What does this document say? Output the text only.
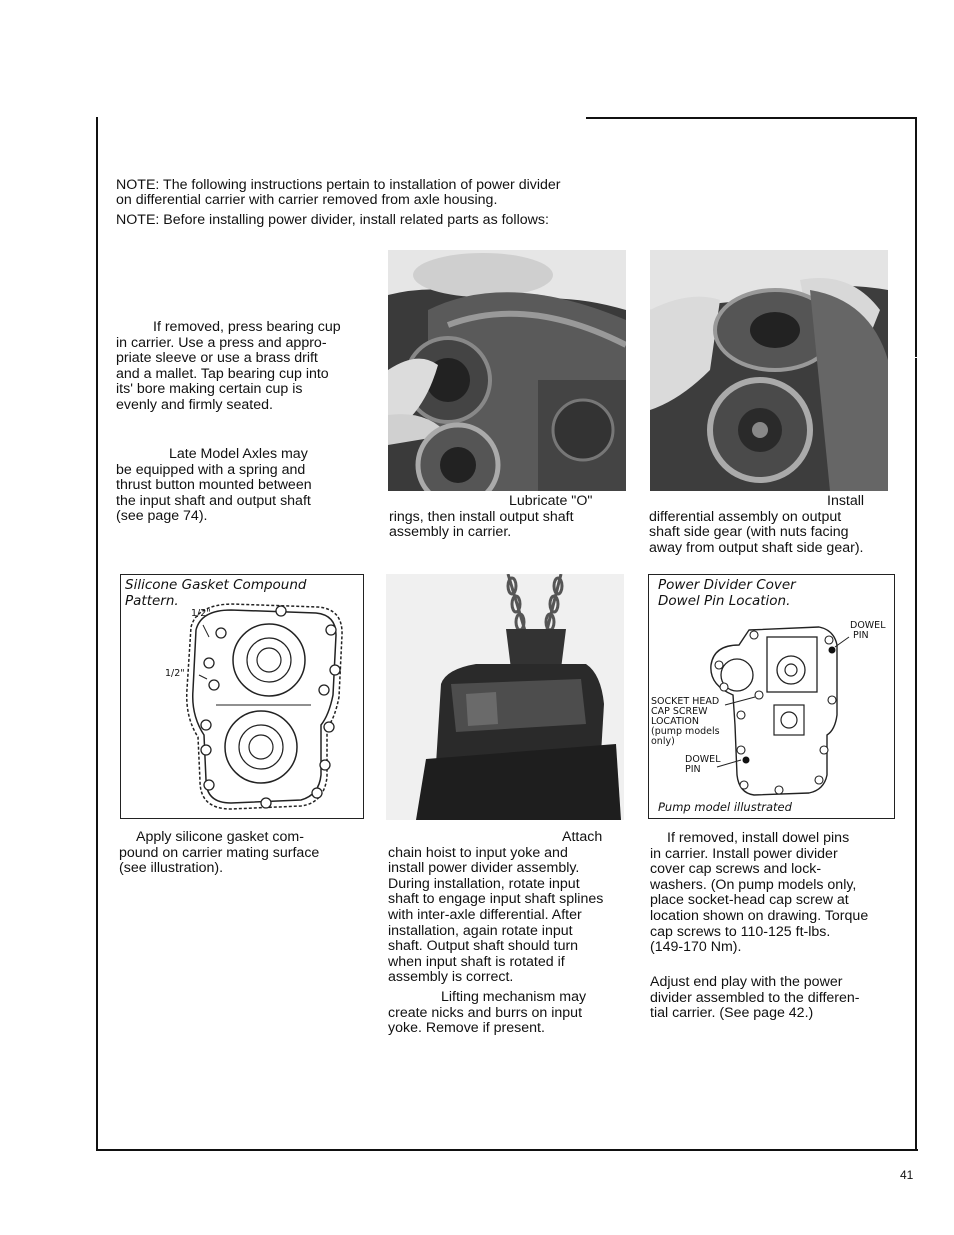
NOTE: The following instructions pertain to installation of power divider
on differential carrier with carrier removed from axle housing.
NOTE: Before installing power divider, install related parts as follows:
If removed, press bearing cup
in carrier. Use a press and appro-
priate sleeve or use a brass drift
and a mallet. Tap bearing cup into
its' bore making certain cup is
evenly and firmly seated.
Late Model Axles may
be equipped with a spring and
thrust button mounted between
the input shaft and output shaft
(see page 74).
Lubricate "O"
rings, then install output shaft
assembly in carrier.
Install
differential assembly on output
shaft side gear (with nuts facing
away from output shaft side gear).
Silicone Gasket Compound
Pattern.
1/2"
1/2"
Power Divider Cover
Dowel Pin Location.
DOWEL
PIN
SOCKET HEAD
CAP SCREW
LOCATION
(pump models
only)
DOWEL
PIN
Pump model illustrated
Apply silicone gasket com-
pound on carrier mating surface
(see illustration).
Attach
chain hoist to input yoke and
install power divider assembly.
During installation, rotate input
shaft to engage input shaft splines
with inter-axle differential. After
installation, again rotate input
shaft. Output shaft should turn
when input shaft is rotated if
assembly is correct.
Lifting mechanism may
create nicks and burrs on input
yoke. Remove if present.
If removed, install dowel pins
in carrier. Install power divider
cover cap screws and lock-
washers. (On pump models only,
place socket-head cap screw at
location shown on drawing. Torque
cap screws to 110-125 ft-lbs.
(149-170 Nm).
Adjust end play with the power
divider assembled to the differen-
tial carrier. (See page 42.)
41
